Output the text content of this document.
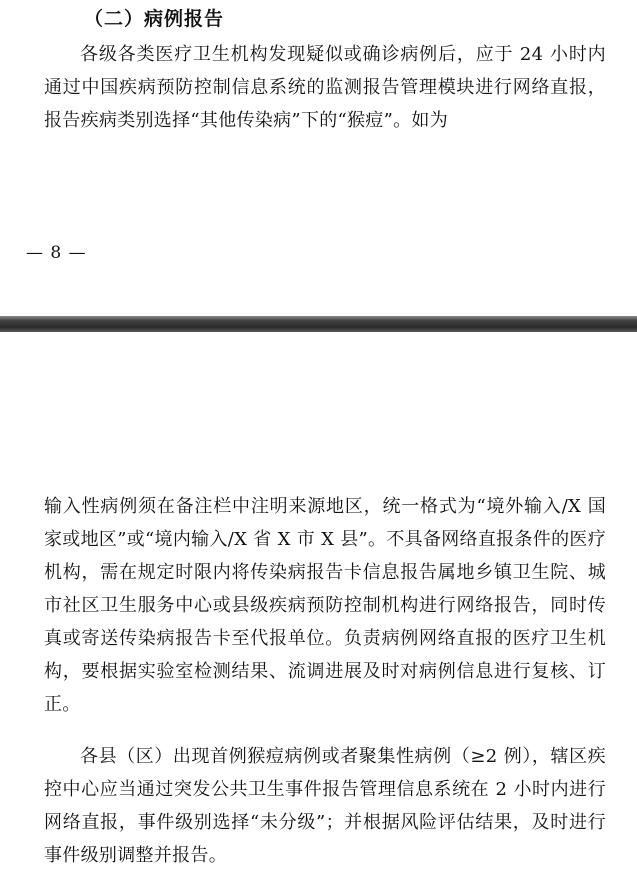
（二）病例报告

各级各类医疗卫生机构发现疑似或确诊病例后，应于 24 小时内通过中国疾病预防控制信息系统的监测报告管理模块进行网络直报，报告疾病类别选择“其他传染病”下的“猴痘”。如为

— 8 —

输入性病例须在备注栏中注明来源地区，统一格式为“境外输入/X 国家或地区”或“境内输入/X 省 X 市 X 县”。不具备网络直报条件的医疗机构，需在规定时限内将传染病报告卡信息报告属地乡镇卫生院、城市社区卫生服务中心或县级疾病预防控制机构进行网络报告，同时传真或寄送传染病报告卡至代报单位。负责病例网络直报的医疗卫生机构，要根据实验室检测结果、流调进展及时对病例信息进行复核、订正。

各县（区）出现首例猴痘病例或者聚集性病例（≥2 例），辖区疾控中心应当通过突发公共卫生事件报告管理信息系统在 2 小时内进行网络直报，事件级别选择“未分级”；并根据风险评估结果，及时进行事件级别调整并报告。
